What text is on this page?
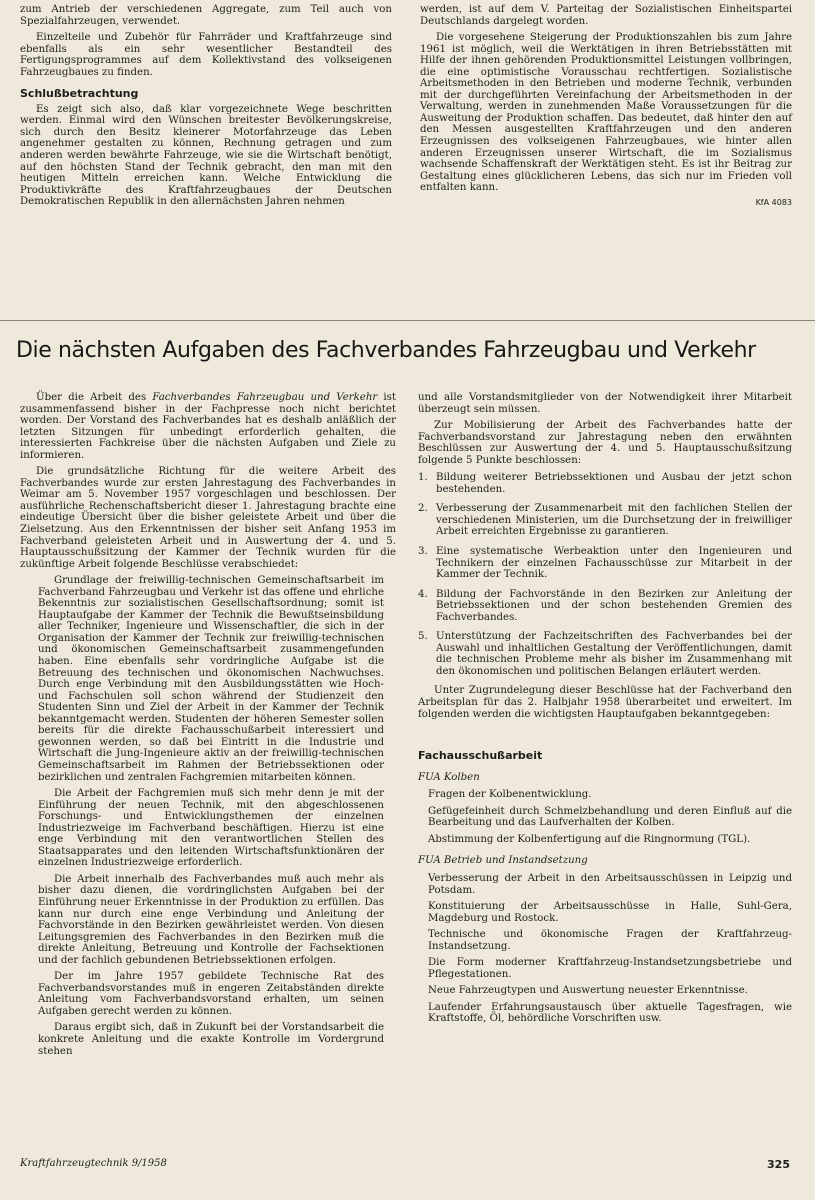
zum Antrieb der verschiedenen Aggregate, zum Teil auch von Spezialfahrzeugen, verwendet.

Einzelteile und Zubehör für Fahrräder und Kraftfahrzeuge sind ebenfalls als ein sehr wesentlicher Bestandteil des Fertigungsprogrammes auf dem Kollektivstand des volkseigenen Fahrzeugbaues zu finden.

Schlußbetrachtung

Es zeigt sich also, daß klar vorgezeichnete Wege beschritten werden. Einmal wird den Wünschen breitester Bevölkerungskreise, sich durch den Besitz kleinerer Motorfahrzeuge das Leben angenehmer gestalten zu können, Rechnung getragen und zum anderen werden bewährte Fahrzeuge, wie sie die Wirtschaft benötigt, auf den höchsten Stand der Technik gebracht, den man mit den heutigen Mitteln erreichen kann. Welche Entwicklung die Produktivkräfte des Kraftfahrzeugbaues der Deutschen Demokratischen Republik in den allernächsten Jahren nehmen

werden, ist auf dem V. Parteitag der Sozialistischen Einheitspartei Deutschlands dargelegt worden.

Die vorgesehene Steigerung der Produktionszahlen bis zum Jahre 1961 ist möglich, weil die Werktätigen in ihren Betriebsstätten mit Hilfe der ihnen gehörenden Produktionsmittel Leistungen vollbringen, die eine optimistische Vorausschau rechtfertigen. Sozialistische Arbeitsmethoden in den Betrieben und moderne Technik, verbunden mit der durchgeführten Vereinfachung der Arbeitsmethoden in der Verwaltung, werden in zunehmenden Maße Voraussetzungen für die Ausweitung der Produktion schaffen. Das bedeutet, daß hinter den auf den Messen ausgestellten Kraftfahrzeugen und den anderen Erzeugnissen des volkseigenen Fahrzeugbaues, wie hinter allen anderen Erzeugnissen unserer Wirtschaft, die im Sozialismus wachsende Schaffenskraft der Werktätigen steht. Es ist ihr Beitrag zur Gestaltung eines glücklicheren Lebens, das sich nur im Frieden voll entfalten kann.

KfA 4083
Die nächsten Aufgaben des Fachverbandes Fahrzeugbau und Verkehr

Über die Arbeit des Fachverbandes Fahrzeugbau und Verkehr ist zusammenfassend bisher in der Fachpresse noch nicht berichtet worden. Der Vorstand des Fachverbandes hat es deshalb anläßlich der letzten Sitzungen für unbedingt erforderlich gehalten, die interessierten Fachkreise über die nächsten Aufgaben und Ziele zu informieren.

Die grundsätzliche Richtung für die weitere Arbeit des Fachverbandes wurde zur ersten Jahrestagung des Fachverbandes in Weimar am 5. November 1957 vorgeschlagen und beschlossen. Der ausführliche Rechenschaftsbericht dieser 1. Jahrestagung brachte eine eindeutige Übersicht über die bisher geleistete Arbeit und über die Zielsetzung. Aus den Erkenntnissen der bisher seit Anfang 1953 im Fachverband geleisteten Arbeit und in Auswertung der 4. und 5. Hauptausschußsitzung der Kammer der Technik wurden für die zukünftige Arbeit folgende Beschlüsse verabschiedet:

Grundlage der freiwillig-technischen Gemeinschaftsarbeit im Fachverband Fahrzeugbau und Verkehr ist das offene und ehrliche Bekenntnis zur sozialistischen Gesellschaftsordnung; somit ist Hauptaufgabe der Kammer der Technik die Bewußtseinsbildung aller Techniker, Ingenieure und Wissenschaftler, die sich in der Organisation der Kammer der Technik zur freiwillig-technischen und ökonomischen Gemeinschaftsarbeit zusammengefunden haben. Eine ebenfalls sehr vordringliche Aufgabe ist die Betreuung des technischen und ökonomischen Nachwuchses. Durch enge Verbindung mit den Ausbildungsstätten wie Hoch- und Fachschulen soll schon während der Studienzeit den Studenten Sinn und Ziel der Arbeit in der Kammer der Technik bekanntgemacht werden. Studenten der höheren Semester sollen bereits für die direkte Fachausschußarbeit interessiert und gewonnen werden, so daß bei Eintritt in die Industrie und Wirtschaft die Jung-Ingenieure aktiv an der freiwillig-technischen Gemeinschaftsarbeit im Rahmen der Betriebssektionen oder bezirklichen und zentralen Fachgremien mitarbeiten können.

Die Arbeit der Fachgremien muß sich mehr denn je mit der Einführung der neuen Technik, mit den abgeschlossenen Forschungs- und Entwicklungsthemen der einzelnen Industriezweige im Fachverband beschäftigen. Hierzu ist eine enge Verbindung mit den verantwortlichen Stellen des Staatsapparates und den leitenden Wirtschaftsfunktionären der einzelnen Industriezweige erforderlich.

Die Arbeit innerhalb des Fachverbandes muß auch mehr als bisher dazu dienen, die vordringlichsten Aufgaben bei der Einführung neuer Erkenntnisse in der Produktion zu erfüllen. Das kann nur durch eine enge Verbindung und Anleitung der Fachvorstände in den Bezirken gewährleistet werden. Von diesen Leitungsgremien des Fachverbandes in den Bezirken muß die direkte Anleitung, Betreuung und Kontrolle der Fachsektionen und der fachlich gebundenen Betriebssektionen erfolgen.

Der im Jahre 1957 gebildete Technische Rat des Fachverbandsvorstandes muß in engeren Zeitabständen direkte Anleitung vom Fachverbandsvorstand erhalten, um seinen Aufgaben gerecht werden zu können.

Daraus ergibt sich, daß in Zukunft bei der Vorstandsarbeit die konkrete Anleitung und die exakte Kontrolle im Vordergrund stehen

und alle Vorstandsmitglieder von der Notwendigkeit ihrer Mitarbeit überzeugt sein müssen.

Zur Mobilisierung der Arbeit des Fachverbandes hatte der Fachverbandsvorstand zur Jahrestagung neben den erwähnten Beschlüssen zur Auswertung der 4. und 5. Hauptausschußsitzung folgende 5 Punkte beschlossen:

1. Bildung weiterer Betriebssektionen und Ausbau der jetzt schon bestehenden.
2. Verbesserung der Zusammenarbeit mit den fachlichen Stellen der verschiedenen Ministerien, um die Durchsetzung der in freiwilliger Arbeit erreichten Ergebnisse zu garantieren.
3. Eine systematische Werbeaktion unter den Ingenieuren und Technikern der einzelnen Fachausschüsse zur Mitarbeit in der Kammer der Technik.
4. Bildung der Fachvorstände in den Bezirken zur Anleitung der Betriebssektionen und der schon bestehenden Gremien des Fachverbandes.
5. Unterstützung der Fachzeitschriften des Fachverbandes bei der Auswahl und inhaltlichen Gestaltung der Veröffentlichungen, damit die technischen Probleme mehr als bisher im Zusammenhang mit den ökonomischen und politischen Belangen erläutert werden.

Unter Zugrundelegung dieser Beschlüsse hat der Fachverband den Arbeitsplan für das 2. Halbjahr 1958 überarbeitet und erweitert. Im folgenden werden die wichtigsten Hauptaufgaben bekanntgegeben:

Fachausschußarbeit
FUA Kolben
Fragen der Kolbenentwicklung.
Gefügefeinheit durch Schmelzbehandlung und deren Einfluß auf die Bearbeitung und das Laufverhalten der Kolben.
Abstimmung der Kolbenfertigung auf die Ringnormung (TGL).
FUA Betrieb und Instandsetzung
Verbesserung der Arbeit in den Arbeitsausschüssen in Leipzig und Potsdam.
Konstituierung der Arbeitsausschüsse in Halle, Suhl-Gera, Magdeburg und Rostock.
Technische und ökonomische Fragen der Kraftfahrzeug-Instandsetzung.
Die Form moderner Kraftfahrzeug-Instandsetzungsbetriebe und Pflegestationen.
Neue Fahrzeugtypen und Auswertung neuester Erkenntnisse.
Laufender Erfahrungsaustausch über aktuelle Tagesfragen, wie Kraftstoffe, Öl, behördliche Vorschriften usw.
Kraftfahrzeugtechnik 9/1958	325
